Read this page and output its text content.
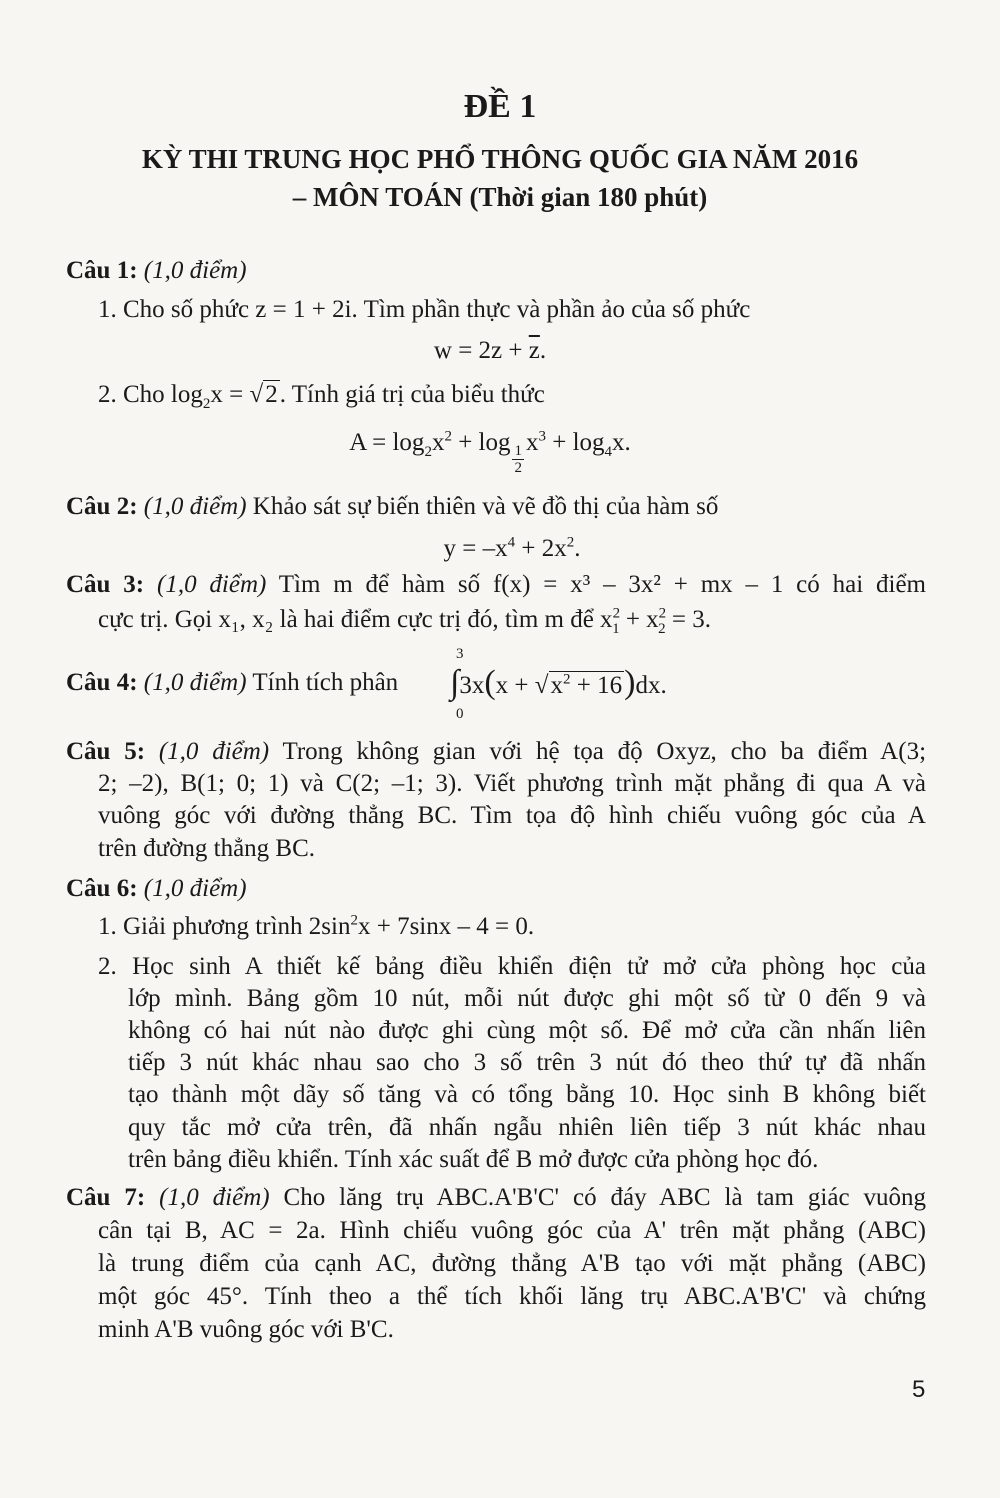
ĐỀ 1
KỲ THI TRUNG HỌC PHỔ THÔNG QUỐC GIA NĂM 2016
– MÔN TOÁN (Thời gian 180 phút)
Câu 1: (1,0 điểm)
1. Cho số phức z = 1 + 2i. Tìm phần thực và phần ảo của số phức
$w = 2z + \overline{z}$.
2. Cho $\log_2x = √2$. Tính giá trị của biểu thức
$A = \log_2x^2 + \log$
$\frac{1}{2}$
$x^3 + \log_4x$.
Câu 2: (1,0 điểm) Khảo sát sự biến thiên và vẽ đồ thị của hàm số
$y = -x^4 + 2x^2$.
Câu 3: (1,0 điểm) Tìm m để hàm số f(x) = x³ – 3x² + mx – 1 có hai điểm
cực trị. Gọi x₁, x₂ là hai điểm cực trị đó, tìm m để $x^2_1 + x^2_2 = 3$.
Câu 4: (1,0 điểm) Tính tích phân
3
0
$\int 3x(x + √x^2 + 16)dx$.
Câu 5: (1,0 điểm) Trong không gian với hệ tọa độ Oxyz, cho ba điểm A(3;
2; –2), B(1; 0; 1) và C(2; –1; 3). Viết phương trình mặt phẳng đi qua A và
vuông góc với đường thẳng BC. Tìm tọa độ hình chiếu vuông góc của A
trên đường thẳng BC.
Câu 6: (1,0 điểm)
1. Giải phương trình $2\sin^2x + 7\sin x - 4 = 0$.
2. Học sinh A thiết kế bảng điều khiển điện tử mở cửa phòng học của
lớp mình. Bảng gồm 10 nút, mỗi nút được ghi một số từ 0 đến 9 và
không có hai nút nào được ghi cùng một số. Để mở cửa cần nhấn liên
tiếp 3 nút khác nhau sao cho 3 số trên 3 nút đó theo thứ tự đã nhấn
tạo thành một dãy số tăng và có tổng bằng 10. Học sinh B không biết
quy tắc mở cửa trên, đã nhấn ngẫu nhiên liên tiếp 3 nút khác nhau
trên bảng điều khiển. Tính xác suất để B mở được cửa phòng học đó.
Câu 7: (1,0 điểm) Cho lăng trụ ABC.A'B'C' có đáy ABC là tam giác vuông
cân tại B, AC = 2a. Hình chiếu vuông góc của A' trên mặt phẳng (ABC)
là trung điểm của cạnh AC, đường thẳng A'B tạo với mặt phẳng (ABC)
một góc 45°. Tính theo a thể tích khối lăng trụ ABC.A'B'C' và chứng
minh A'B vuông góc với B'C.
5
